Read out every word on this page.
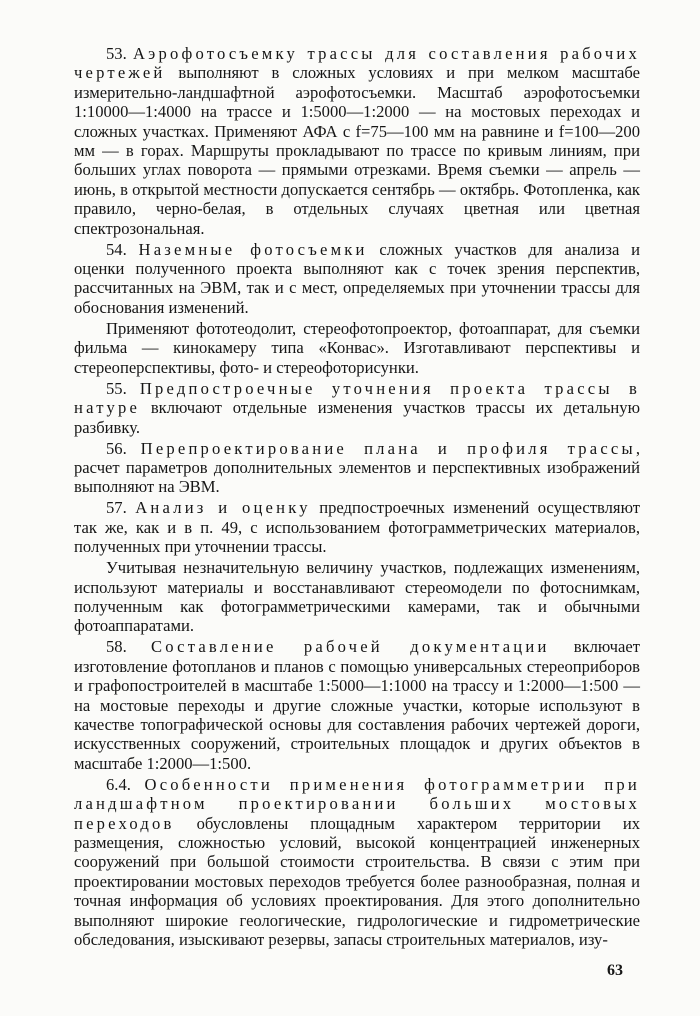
53. Аэрофотосъемку трассы для составления рабочих чертежей выполняют в сложных условиях и при мелком масштабе измерительно-ландшафтной аэрофотосъемки. Масштаб аэрофотосъемки 1:10000—1:4000 на трассе и 1:5000—1:2000 — на мостовых переходах и сложных участках. Применяют АФА с f=75—100 мм на равнине и f=100—200 мм — в горах. Маршруты прокладывают по трассе по кривым линиям, при больших углах поворота — прямыми отрезками. Время съемки — апрель — июнь, в открытой местности допускается сентябрь — октябрь. Фотопленка, как правило, черно-белая, в отдельных случаях цветная или цветная спектрозональная.

54. Наземные фотосъемки сложных участков для анализа и оценки полученного проекта выполняют как с точек зрения перспектив, рассчитанных на ЭВМ, так и с мест, определяемых при уточнении трассы для обоснования изменений.

Применяют фототеодолит, стереофотопроектор, фотоаппарат, для съемки фильма — кинокамеру типа «Конвас». Изготавливают перспективы и стереоперспективы, фото- и стереофоторисунки.

55. Предпостроечные уточнения проекта трассы в натуре включают отдельные изменения участков трассы их детальную разбивку.

56. Перепроектирование плана и профиля трассы, расчет параметров дополнительных элементов и перспективных изображений выполняют на ЭВМ.

57. Анализ и оценку предпостроечных изменений осуществляют так же, как и в п. 49, с использованием фотограмметрических материалов, полученных при уточнении трассы.

Учитывая незначительную величину участков, подлежащих изменениям, используют материалы и восстанавливают стереомодели по фотоснимкам, полученным как фотограмметрическими камерами, так и обычными фотоаппаратами.

58. Составление рабочей документации включает изготовление фотопланов и планов с помощью универсальных стереоприборов и графопостроителей в масштабе 1:5000—1:1000 на трассу и 1:2000—1:500 — на мостовые переходы и другие сложные участки, которые используют в качестве топографической основы для составления рабочих чертежей дороги, искусственных сооружений, строительных площадок и других объектов в масштабе 1:2000—1:500.

6.4. Особенности применения фотограмметрии при ландшафтном проектировании больших мостовых переходов обусловлены площадным характером территории их размещения, сложностью условий, высокой концентрацией инженерных сооружений при большой стоимости строительства. В связи с этим при проектировании мостовых переходов требуется более разнообразная, полная и точная информация об условиях проектирования. Для этого дополнительно выполняют широкие геологические, гидрологические и гидрометрические обследования, изыскивают резервы, запасы строительных материалов, изу-

63
